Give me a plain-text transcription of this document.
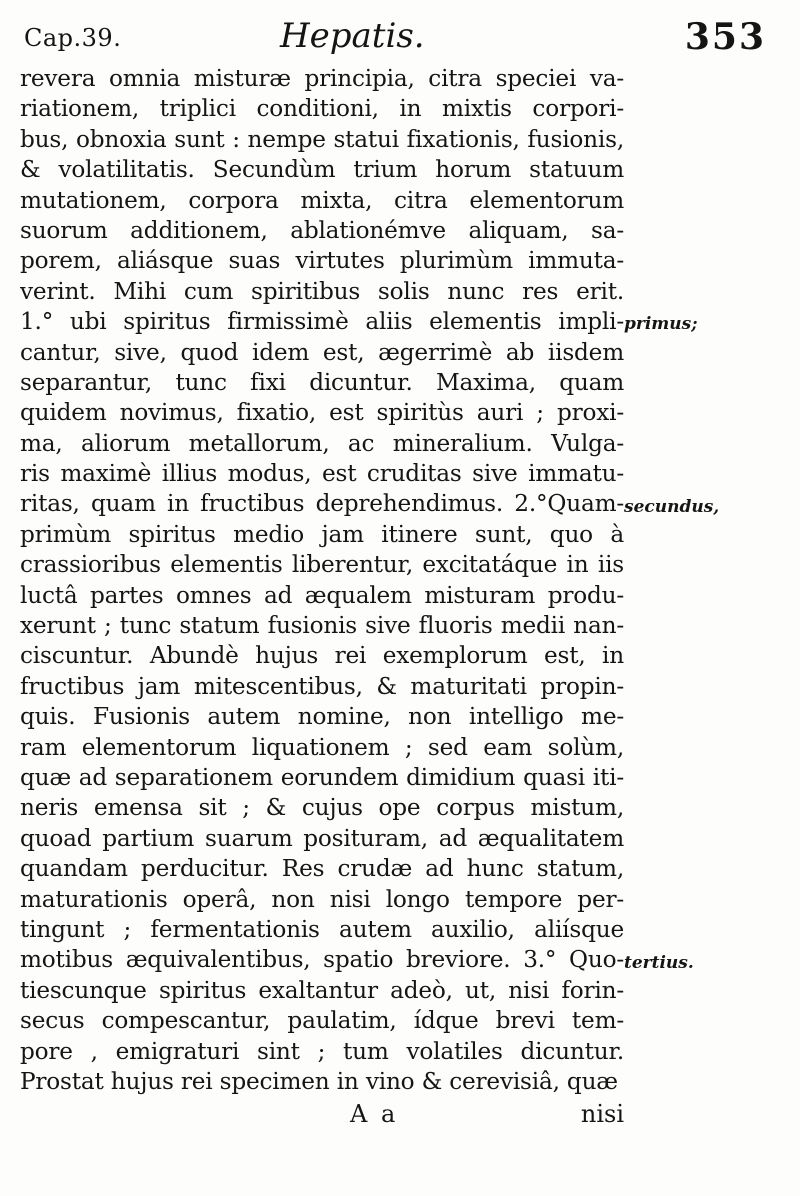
Cap.39.	Hepatis.	353
revera omnia misturæ principia, citra speciei va-
riationem, triplici conditioni, in mixtis corpori-
bus, obnoxia sunt : nempe statui fixationis, fusionis,
& volatilitatis. Secundùm trium horum statuum
mutationem, corpora mixta, citra elementorum
suorum additionem, ablationémve aliquam, sa-
porem, aliásque suas virtutes plurimùm immuta-
verint. Mihi cum spiritibus solis nunc res erit.
1.° ubi spiritus firmissimè aliis elementis impli-
cantur, sive, quod idem est, ægerrimè ab iisdem
separantur, tunc fixi dicuntur. Maxima, quam
quidem novimus, fixatio, est spiritùs auri ; proxi-
ma, aliorum metallorum, ac mineralium. Vulga-
ris maximè illius modus, est cruditas sive immatu-
ritas, quam in fructibus deprehendimus. 2.°Quam-
primùm spiritus medio jam itinere sunt, quo à
crassioribus elementis liberentur, excitatáque in iis
luctâ partes omnes ad æqualem misturam produ-
xerunt ; tunc statum fusionis sive fluoris medii nan-
ciscuntur. Abundè hujus rei exemplorum est, in
fructibus jam mitescentibus, & maturitati propin-
quis. Fusionis autem nomine, non intelligo me-
ram elementorum liquationem ; sed eam solùm,
quæ ad separationem eorundem dimidium quasi iti-
neris emensa sit ; & cujus ope corpus mistum,
quoad partium suarum posituram, ad æqualitatem
quandam perducitur. Res crudæ ad hunc statum,
maturationis operâ, non nisi longo tempore per-
tingunt ; fermentationis autem auxilio, aliísque
motibus æquivalentibus, spatio breviore. 3.° Quo-
tiescunque spiritus exaltantur adeò, ut, nisi forin-
secus compescantur, paulatim, ídque brevi tem-
pore , emigraturi sint ; tum volatiles dicuntur.
Prostat hujus rei specimen in vino & cerevisiâ, quæ
primus;
secundus,
tertius.
A a	nisi
